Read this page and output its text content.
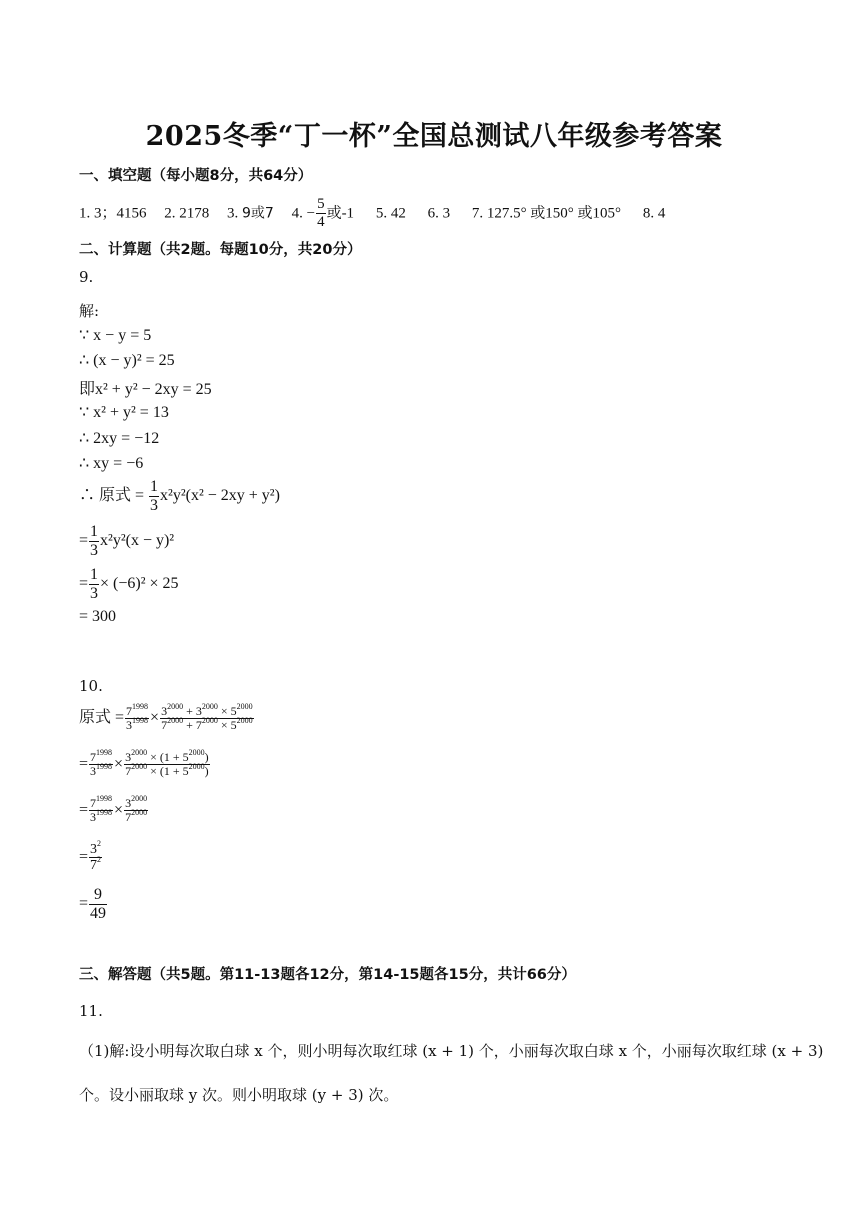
2025冬季“丁一杯”全国总测试八年级参考答案
一、填空题（每小题8分，共64分）
1. 3；4156 2. 2178 3. 9或7 4. − $\frac{5}{4}$ 或-1 5. 42 6. 3 7. 127.5° 或150° 或105° 8. 4
二、计算题（共2题。每题10分，共20分）
9.
解:
∵ x − y = 5
∴ (x − y)² = 25
即x² + y² − 2xy = 25
∵ x² + y² = 13
∴ 2xy = −12
∴ xy = −6
∴ 原式 = $\frac{1}{3} x^2y^2(x^2 - 2xy + y^2)$
= $\frac{1}{3} x^2y^2(x - y)^2$
= $\frac{1}{3} \times (-6)^2 \times 25$
= 300
10.
原式 = $\frac{7^{1998}}{3^{1998}} \times \frac{3^{2000} + 3^{2000} \times 5^{2000}}{7^{2000} + 7^{2000} \times 5^{2000}}$
= $\frac{7^{1998}}{3^{1998}} \times \frac{3^{2000} \times (1 + 5^{2000})}{7^{2000} \times (1 + 5^{2000})}$
= $\frac{7^{1998}}{3^{1998}} \times \frac{3^{2000}}{7^{2000}}$
= $\frac{3^2}{7^2}$
= $\frac{9}{49}$
三、解答题（共5题。第11-13题各12分，第14-15题各15分，共计66分）
11.
（1)解:设小明每次取白球 x 个，则小明每次取红球 (x + 1) 个，小丽每次取白球 x 个，小丽每次取红球 (x + 3)
个。设小丽取球 y 次。则小明取球 (y + 3) 次。
